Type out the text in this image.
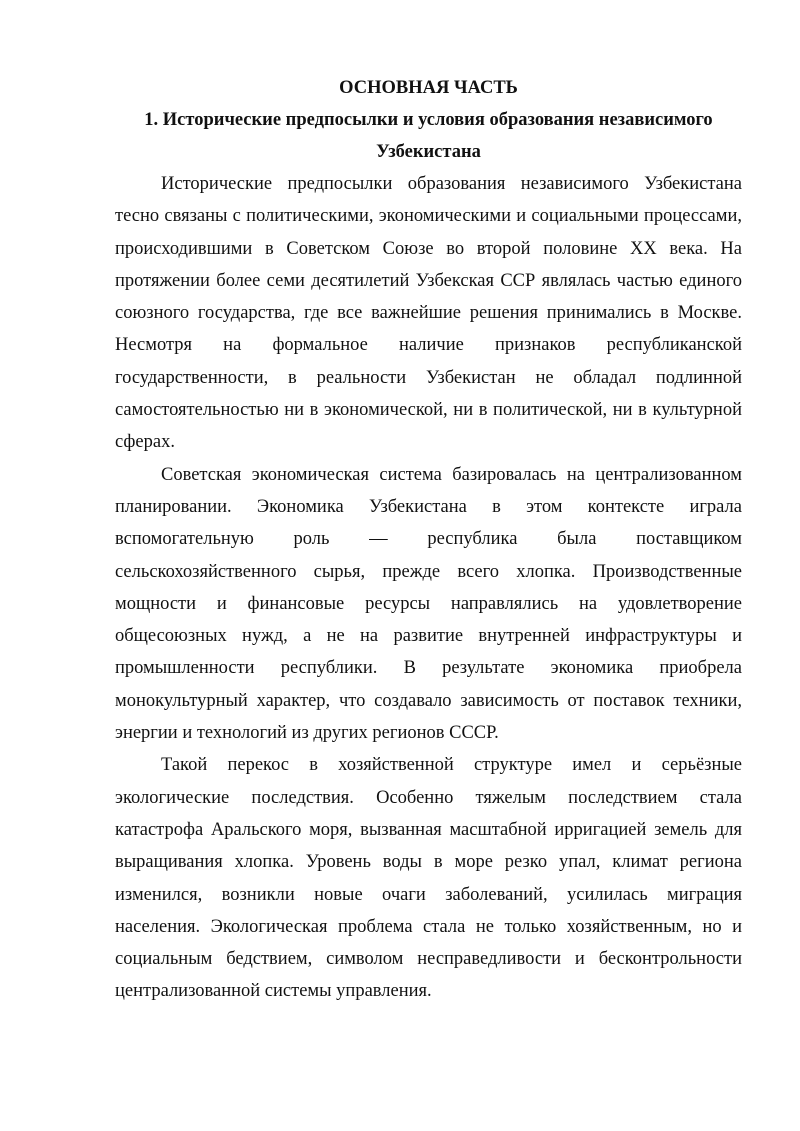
ОСНОВНАЯ ЧАСТЬ

1. Исторические предпосылки и условия образования независимого

Узбекистана

Исторические предпосылки образования независимого Узбекистана тесно связаны с политическими, экономическими и социальными процессами, происходившими в Советском Союзе во второй половине XX века. На протяжении более семи десятилетий Узбекская ССР являлась частью единого союзного государства, где все важнейшие решения принимались в Москве. Несмотря на формальное наличие признаков республиканской государственности, в реальности Узбекистан не обладал подлинной самостоятельностью ни в экономической, ни в политической, ни в культурной сферах.

Советская экономическая система базировалась на централизованном планировании. Экономика Узбекистана в этом контексте играла вспомогательную роль — республика была поставщиком сельскохозяйственного сырья, прежде всего хлопка. Производственные мощности и финансовые ресурсы направлялись на удовлетворение общесоюзных нужд, а не на развитие внутренней инфраструктуры и промышленности республики. В результате экономика приобрела монокультурный характер, что создавало зависимость от поставок техники, энергии и технологий из других регионов СССР.

Такой перекос в хозяйственной структуре имел и серьёзные экологические последствия. Особенно тяжелым последствием стала катастрофа Аральского моря, вызванная масштабной ирригацией земель для выращивания хлопка. Уровень воды в море резко упал, климат региона изменился, возникли новые очаги заболеваний, усилилась миграция населения. Экологическая проблема стала не только хозяйственным, но и социальным бедствием, символом несправедливости и бесконтрольности централизованной системы управления.
